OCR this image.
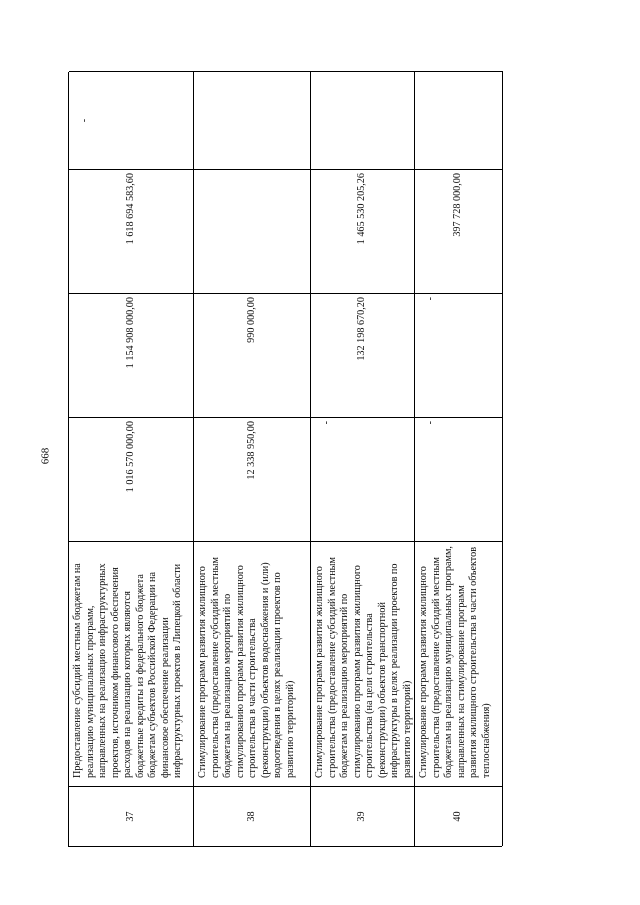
668
37
Предоставление субсидий местным бюджетам на реализацию муниципальных программ, направленных на реализацию инфраструктурных проектов, источником финансового обеспечения расходов на реализацию которых являются бюджетные кредиты из федерального бюджета бюджетам субъектов Российской Федерации на финансовое обеспечение реализации инфраструктурных проектов в Липецкой области
1 016 570 000,00
1 154 908 000,00
1 618 694 583,60
-
38
Стимулирование программ развития жилищного строительства (предоставление субсидий местным бюджетам на реализацию мероприятий по стимулированию программ развития жилищного строительства в части строительства (реконструкции) объектов водоснабжения и (или) водоотведения в целях реализации проектов по развитию территорий)
12 338 950,00
990 000,00
39
Стимулирование программ развития жилищного строительства (предоставление субсидий местным бюджетам на реализацию мероприятий по стимулированию программ развития жилищного строительства (на цели строительства (реконструкции) объектов транспортной инфраструктуры в целях реализации проектов по развитию территорий)
-
132 198 670,20
1 465 530 205,26
40
Стимулирование программ развития жилищного строительства (предоставление субсидий местным бюджетам на реализацию муниципальных программ, направленных на стимулирование программ развития жилищного строительства в части объектов теплоснабжения)
-
-
397 728 000,00
